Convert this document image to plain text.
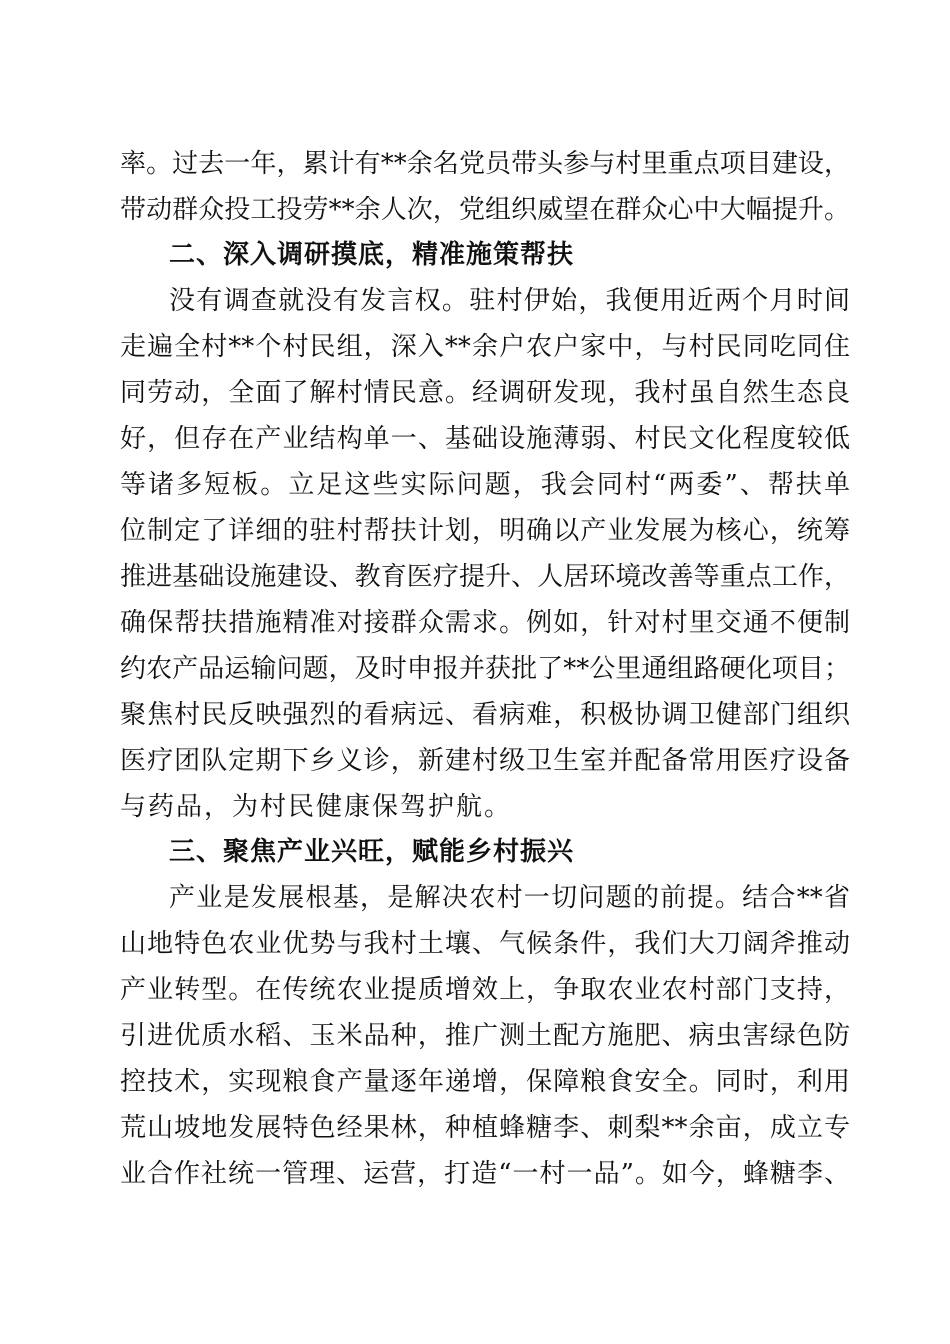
率。过去一年，累计有**余名党员带头参与村里重点项目建设，
带动群众投工投劳**余人次，党组织威望在群众心中大幅提升。
二、深入调研摸底，精准施策帮扶
没有调查就没有发言权。驻村伊始，我便用近两个月时间
走遍全村**个村民组，深入**余户农户家中，与村民同吃同住
同劳动，全面了解村情民意。经调研发现，我村虽自然生态良
好，但存在产业结构单一、基础设施薄弱、村民文化程度较低
等诸多短板。立足这些实际问题，我会同村“两委”、帮扶单
位制定了详细的驻村帮扶计划，明确以产业发展为核心，统筹
推进基础设施建设、教育医疗提升、人居环境改善等重点工作，
确保帮扶措施精准对接群众需求。例如，针对村里交通不便制
约农产品运输问题，及时申报并获批了**公里通组路硬化项目；
聚焦村民反映强烈的看病远、看病难，积极协调卫健部门组织
医疗团队定期下乡义诊，新建村级卫生室并配备常用医疗设备
与药品，为村民健康保驾护航。
三、聚焦产业兴旺，赋能乡村振兴
产业是发展根基，是解决农村一切问题的前提。结合**省
山地特色农业优势与我村土壤、气候条件，我们大刀阔斧推动
产业转型。在传统农业提质增效上，争取农业农村部门支持，
引进优质水稻、玉米品种，推广测土配方施肥、病虫害绿色防
控技术，实现粮食产量逐年递增，保障粮食安全。同时，利用
荒山坡地发展特色经果林，种植蜂糖李、刺梨**余亩，成立专
业合作社统一管理、运营，打造“一村一品”。如今，蜂糖李、
